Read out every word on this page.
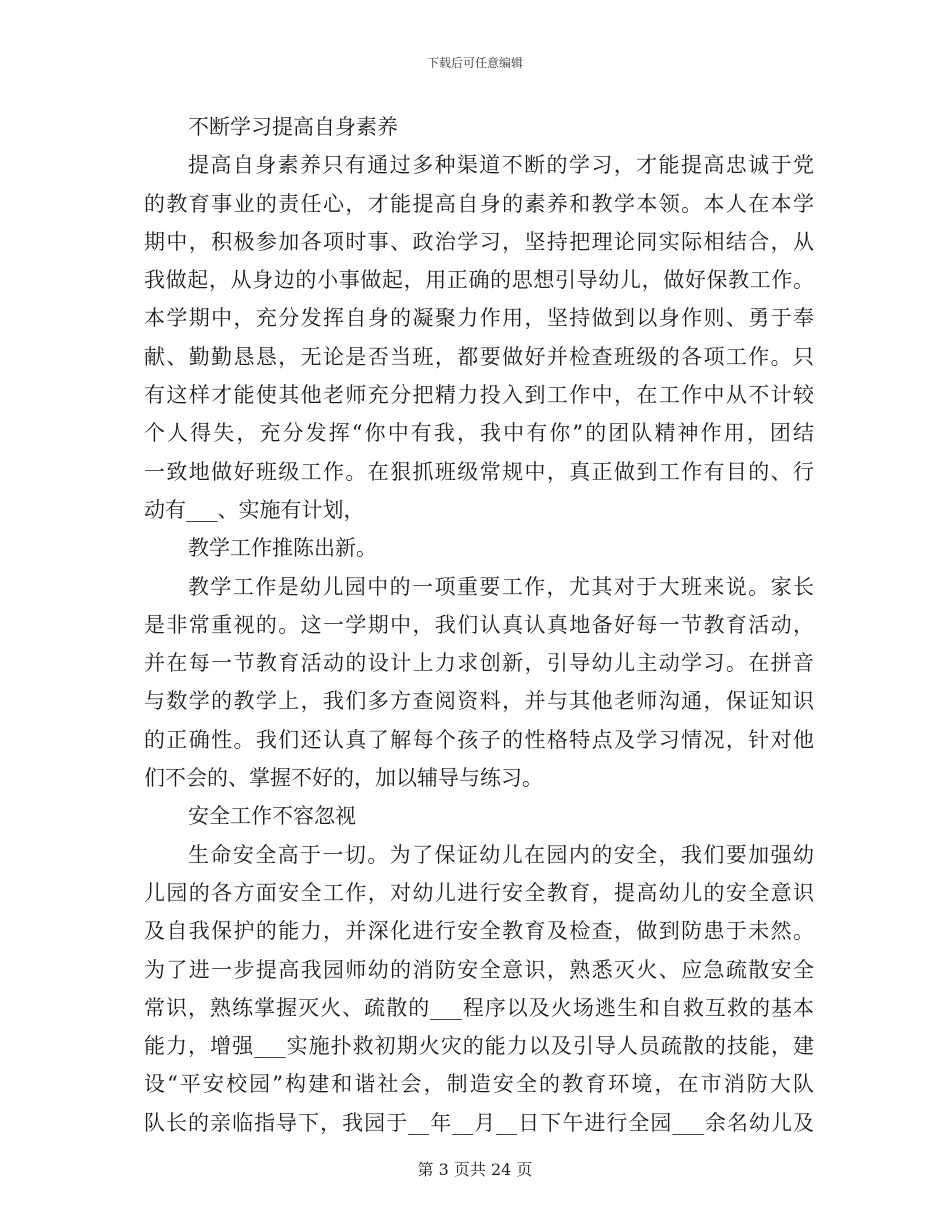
下载后可任意编辑
不断学习提高自身素养
提高自身素养只有通过多种渠道不断的学习，才能提高忠诚于党
的教育事业的责任心，才能提高自身的素养和教学本领。本人在本学
期中，积极参加各项时事、政治学习，坚持把理论同实际相结合，从
我做起，从身边的小事做起，用正确的思想引导幼儿，做好保教工作。
本学期中，充分发挥自身的凝聚力作用，坚持做到以身作则、勇于奉
献、勤勤恳恳，无论是否当班，都要做好并检查班级的各项工作。只
有这样才能使其他老师充分把精力投入到工作中，在工作中从不计较
个人得失，充分发挥“你中有我，我中有你”的团队精神作用，团结
一致地做好班级工作。在狠抓班级常规中，真正做到工作有目的、行
动有___、实施有计划，
教学工作推陈出新。
教学工作是幼儿园中的一项重要工作，尤其对于大班来说。家长
是非常重视的。这一学期中，我们认真认真地备好每一节教育活动，
并在每一节教育活动的设计上力求创新，引导幼儿主动学习。在拼音
与数学的教学上，我们多方查阅资料，并与其他老师沟通，保证知识
的正确性。我们还认真了解每个孩子的性格特点及学习情况，针对他
们不会的、掌握不好的，加以辅导与练习。
安全工作不容忽视
生命安全高于一切。为了保证幼儿在园内的安全，我们要加强幼
儿园的各方面安全工作，对幼儿进行安全教育，提高幼儿的安全意识
及自我保护的能力，并深化进行安全教育及检查，做到防患于未然。
为了进一步提高我园师幼的消防安全意识，熟悉灭火、应急疏散安全
常识，熟练掌握灭火、疏散的___程序以及火场逃生和自救互救的基本
能力，增强___实施扑救初期火灾的能力以及引导人员疏散的技能，建
设“平安校园”构建和谐社会，制造安全的教育环境，在市消防大队
队长的亲临指导下，我园于__年__月__日下午进行全园___余名幼儿及
第 3 页共 24 页
